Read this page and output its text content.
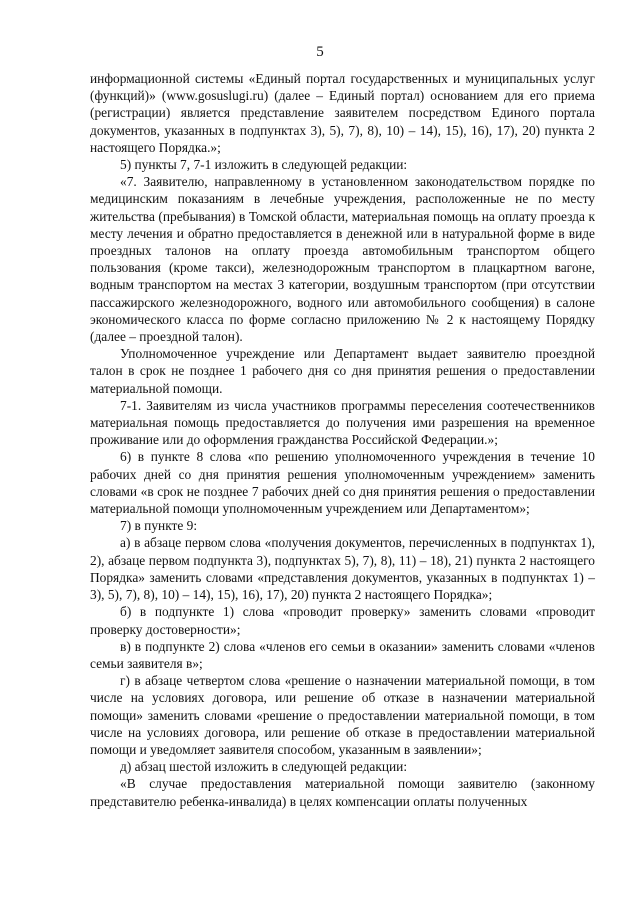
5

информационной системы «Единый портал государственных и муниципальных услуг (функций)» (www.gosuslugi.ru) (далее – Единый портал) основанием для его приема (регистрации) является представление заявителем посредством Единого портала документов, указанных в подпунктах 3), 5), 7), 8), 10) – 14), 15), 16), 17), 20) пункта 2 настоящего Порядка.»;

5) пункты 7, 7-1 изложить в следующей редакции:

«7. Заявителю, направленному в установленном законодательством порядке по медицинским показаниям в лечебные учреждения, расположенные не по месту жительства (пребывания) в Томской области, материальная помощь на оплату проезда к месту лечения и обратно предоставляется в денежной или в натуральной форме в виде проездных талонов на оплату проезда автомобильным транспортом общего пользования (кроме такси), железнодорожным транспортом в плацкартном вагоне, водным транспортом на местах 3 категории, воздушным транспортом (при отсутствии пассажирского железнодорожного, водного или автомобильного сообщения) в салоне экономического класса по форме согласно приложению № 2 к настоящему Порядку (далее – проездной талон).

Уполномоченное учреждение или Департамент выдает заявителю проездной талон в срок не позднее 1 рабочего дня со дня принятия решения о предоставлении материальной помощи.

7-1. Заявителям из числа участников программы переселения соотечественников материальная помощь предоставляется до получения ими разрешения на временное проживание или до оформления гражданства Российской Федерации.»;

6) в пункте 8 слова «по решению уполномоченного учреждения в течение 10 рабочих дней со дня принятия решения уполномоченным учреждением» заменить словами «в срок не позднее 7 рабочих дней со дня принятия решения о предоставлении материальной помощи уполномоченным учреждением или Департаментом»;

7) в пункте 9:

а) в абзаце первом слова «получения документов, перечисленных в подпунктах 1), 2), абзаце первом подпункта 3), подпунктах 5), 7), 8), 11) – 18), 21) пункта 2 настоящего Порядка» заменить словами «представления документов, указанных в подпунктах 1) – 3), 5), 7), 8), 10) – 14), 15), 16), 17), 20) пункта 2 настоящего Порядка»;

б) в подпункте 1) слова «проводит проверку» заменить словами «проводит проверку достоверности»;

в) в подпункте 2) слова «членов его семьи в оказании» заменить словами «членов семьи заявителя в»;

г) в абзаце четвертом слова «решение о назначении материальной помощи, в том числе на условиях договора, или решение об отказе в назначении материальной помощи» заменить словами «решение о предоставлении материальной помощи, в том числе на условиях договора, или решение об отказе в предоставлении материальной помощи и уведомляет заявителя способом, указанным в заявлении»;

д) абзац шестой изложить в следующей редакции:

«В случае предоставления материальной помощи заявителю (законному представителю ребенка-инвалида) в целях компенсации оплаты полученных
